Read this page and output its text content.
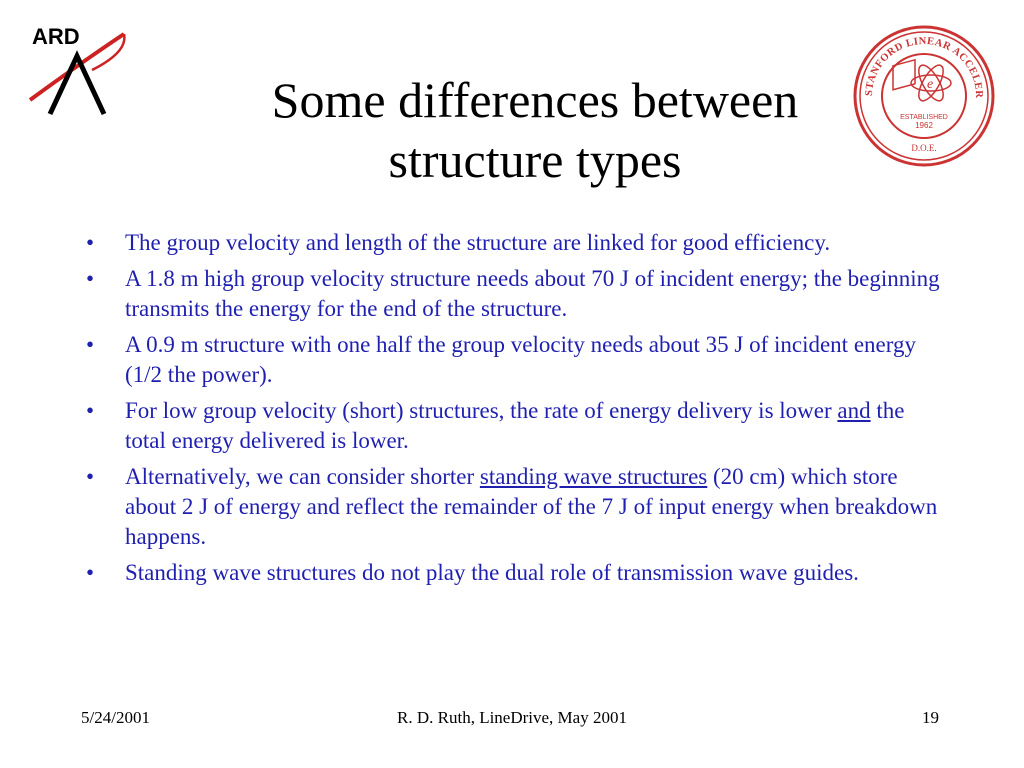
ARD
STANFORD LINEAR ACCELER
e
ESTABLISHED
1962
D.O.E.
Some differences between
structure types
• The group velocity and length of the structure are linked for good efficiency.
• A 1.8 m high group velocity structure needs about 70 J of incident energy; the beginning transmits the energy for the end of the structure.
• A 0.9 m structure with one half the group velocity needs about 35 J of incident energy (1/2 the power).
• For low group velocity (short) structures, the rate of energy delivery is lower and the total energy delivered is lower.
• Alternatively, we can consider shorter standing wave structures (20 cm) which store about 2 J of energy and reflect the remainder of the 7 J of input energy when breakdown happens.
• Standing wave structures do not play the dual role of transmission wave guides.
5/24/2001	R. D. Ruth, LineDrive, May 2001	19
